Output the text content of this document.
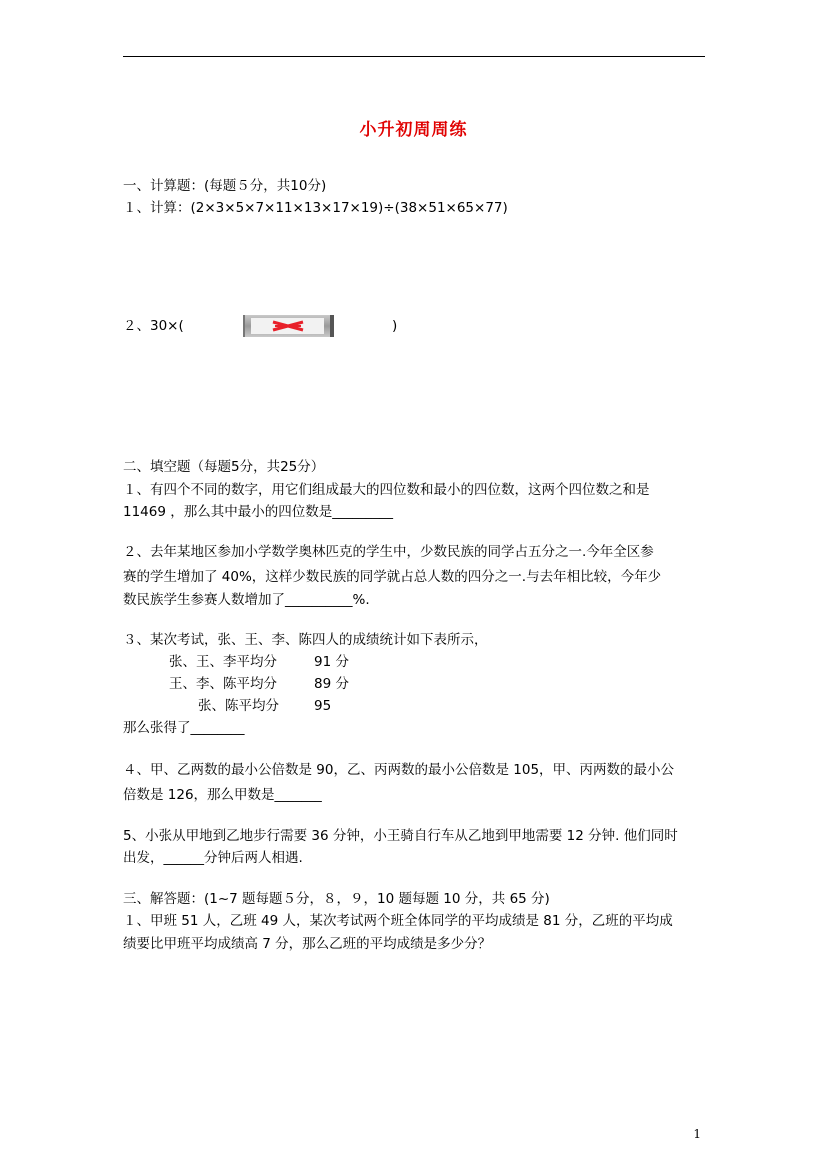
小升初周周练
一、计算题：(每题５分，共10分)
１、计算：(2×3×5×7×11×13×17×19)÷(38×51×65×77)
２、30×(	)
二、填空题（每题5分，共25分）
１、有四个不同的数字，用它们组成最大的四位数和最小的四位数，这两个四位数之和是
11469 ，那么其中最小的四位数是_________
２、去年某地区参加小学数学奥林匹克的学生中，少数民族的同学占五分之一.今年全区参
赛的学生增加了 40%，这样少数民族的同学就占总人数的四分之一.与去年相比较，今年少
数民族学生参赛人数增加了__________%.
３、某次考试，张、王、李、陈四人的成绩统计如下表所示，
张、王、李平均分	91 分
王、李、陈平均分	89 分
张、陈平均分	95
那么张得了________
４、甲、乙两数的最小公倍数是 90，乙、丙两数的最小公倍数是 105，甲、丙两数的最小公
倍数是 126，那么甲数是_______
5、小张从甲地到乙地步行需要 36 分钟，小王骑自行车从乙地到甲地需要 12 分钟. 他们同时
出发，______分钟后两人相遇.
三、解答题：(1~7 题每题５分，８，９，10 题每题 10 分，共 65 分)
１、甲班 51 人，乙班 49 人，某次考试两个班全体同学的平均成绩是 81 分，乙班的平均成
绩要比甲班平均成绩高 7 分，那么乙班的平均成绩是多少分？
1
